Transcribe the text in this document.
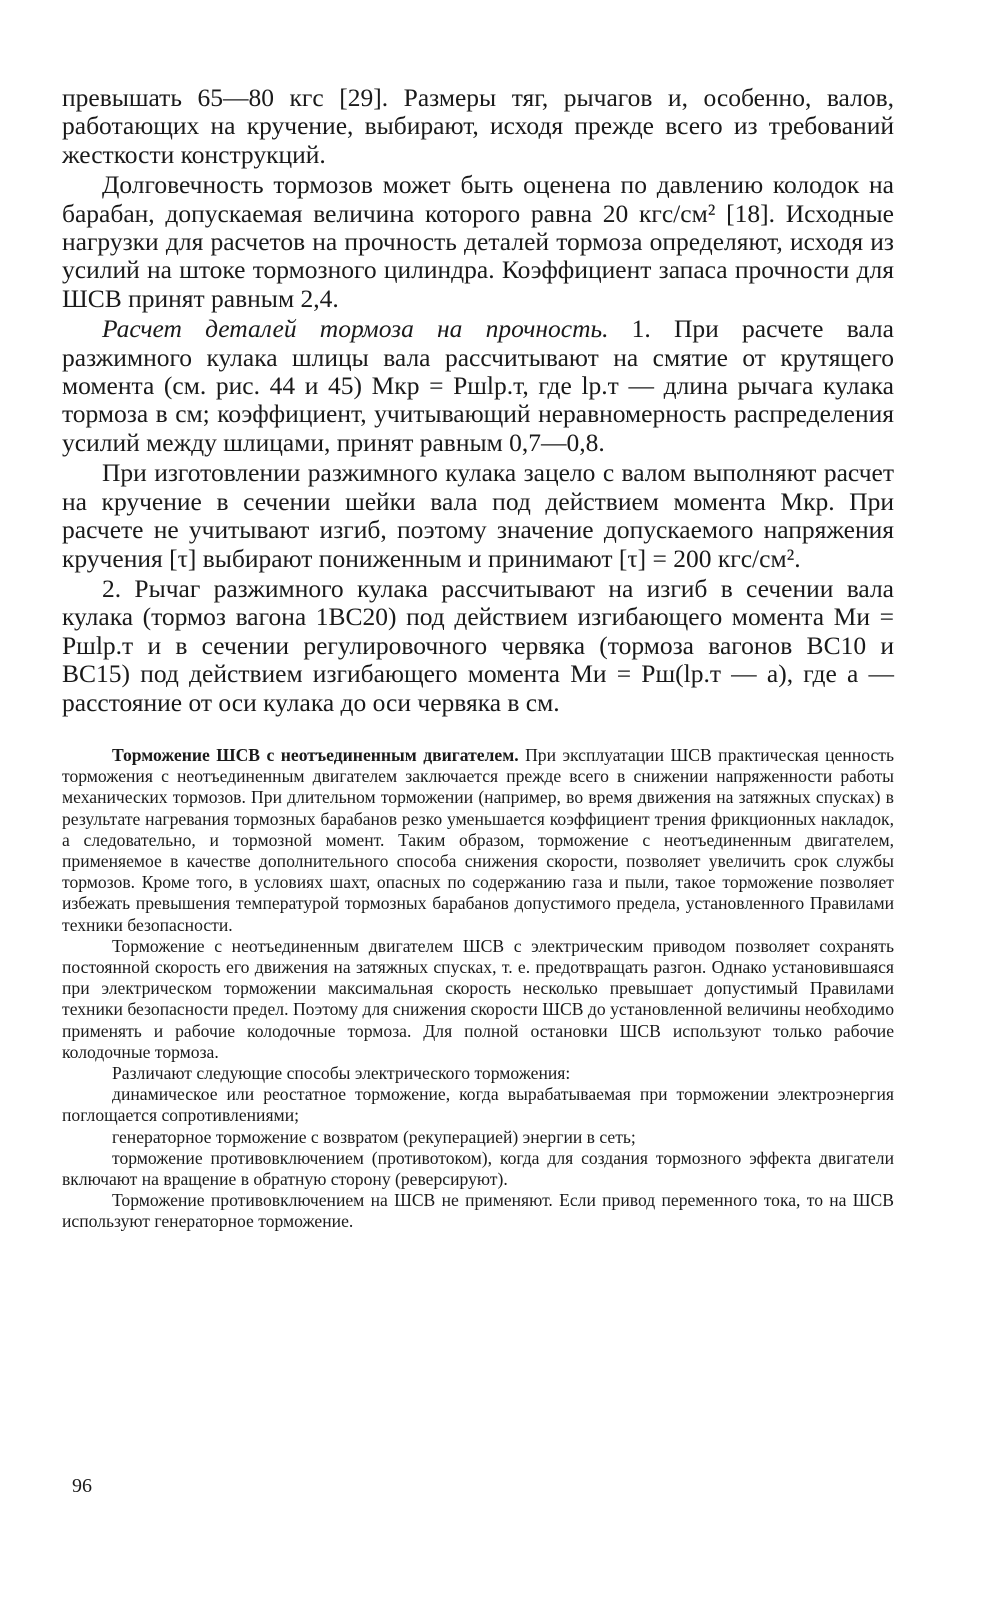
превышать 65—80 кгс [29]. Размеры тяг, рычагов и, особенно, валов, работающих на кручение, выбирают, исходя прежде всего из требований жесткости конструкций.

Долговечность тормозов может быть оценена по давлению колодок на барабан, допускаемая величина которого равна 20 кгс/см² [18]. Исходные нагрузки для расчетов на прочность деталей тормоза определяют, исходя из усилий на штоке тормозного цилиндра. Коэффициент запаса прочности для ШСВ принят равным 2,4.

Расчет деталей тормоза на прочность. 1. При расчете вала разжимного кулака шлицы вала рассчитывают на смятие от крутящего момента (см. рис. 44 и 45) Mкр = Pшlр.т, где lр.т — длина рычага кулака тормоза в см; коэффициент, учитывающий неравномерность распределения усилий между шлицами, принят равным 0,7—0,8.

При изготовлении разжимного кулака зацело с валом выполняют расчет на кручение в сечении шейки вала под действием момента Mкр. При расчете не учитывают изгиб, поэтому значение допускаемого напряжения кручения [τ] выбирают пониженным и принимают [τ] = 200 кгс/см².

2. Рычаг разжимного кулака рассчитывают на изгиб в сечении вала кулака (тормоз вагона 1ВС20) под действием изгибающего момента Mи = Pшlр.т и в сечении регулировочного червяка (тормоза вагонов ВС10 и ВС15) под действием изгибающего момента Mи = Pш(lр.т — a), где a — расстояние от оси кулака до оси червяка в см.

Торможение ШСВ с неотъединенным двигателем. При эксплуатации ШСВ практическая ценность торможения с неотъединенным двигателем заключается прежде всего в снижении напряженности работы механических тормозов. При длительном торможении (например, во время движения на затяжных спусках) в результате нагревания тормозных барабанов резко уменьшается коэффициент трения фрикционных накладок, а следовательно, и тормозной момент. Таким образом, торможение с неотъединенным двигателем, применяемое в качестве дополнительного способа снижения скорости, позволяет увеличить срок службы тормозов. Кроме того, в условиях шахт, опасных по содержанию газа и пыли, такое торможение позволяет избежать превышения температурой тормозных барабанов допустимого предела, установленного Правилами техники безопасности.

Торможение с неотъединенным двигателем ШСВ с электрическим приводом позволяет сохранять постоянной скорость его движения на затяжных спусках, т. е. предотвращать разгон. Однако установившаяся при электрическом торможении максимальная скорость несколько превышает допустимый Правилами техники безопасности предел. Поэтому для снижения скорости ШСВ до установленной величины необходимо применять и рабочие колодочные тормоза. Для полной остановки ШСВ используют только рабочие колодочные тормоза.

Различают следующие способы электрического торможения:

динамическое или реостатное торможение, когда вырабатываемая при торможении электроэнергия поглощается сопротивлениями;

генераторное торможение с возвратом (рекуперацией) энергии в сеть;

торможение противовключением (противотоком), когда для создания тормозного эффекта двигатели включают на вращение в обратную сторону (реверсируют).

Торможение противовключением на ШСВ не применяют. Если привод переменного тока, то на ШСВ используют генераторное торможение.

96
